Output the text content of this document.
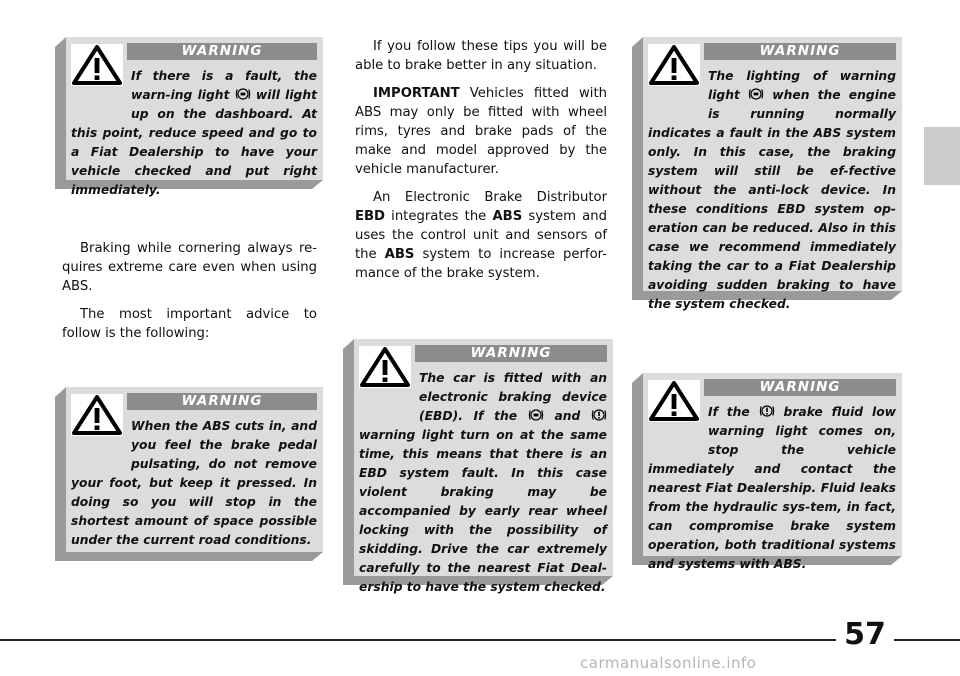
WARNING
If there is a fault, the warn-ing light  will light up on the dashboard. At this point, reduce speed and go to a Fiat Dealership to have your vehicle checked and put right immediately.

Braking while cornering always re-quires extreme care even when using ABS.

The most important advice to follow is the following:

WARNING
When the ABS cuts in, and you feel the brake pedal pulsating, do not remove your foot, but keep it pressed. In doing so you will stop in the shortest amount of space possible under the current road conditions.

If you follow these tips you will be able to brake better in any situation.

IMPORTANT Vehicles fitted with ABS may only be fitted with wheel rims, tyres and brake pads of the make and model approved by the vehicle manufacturer.

An Electronic Brake Distributor EBD integrates the ABS system and uses the control unit and sensors of the ABS system to increase perfor-mance of the brake system.

WARNING
The car is fitted with an electronic braking device (EBD). If the  and  warning light turn on at the same time, this means that there is an EBD system fault. In this case violent braking may be accompanied by early rear wheel locking with the possibility of skidding. Drive the car extremely carefully to the nearest Fiat Deal-ership to have the system checked.
WARNING
The lighting of warning light  when the engine is running normally indicates a fault in the ABS system only. In this case, the braking system will still be ef-fective without the anti-lock device. In these conditions EBD system op-eration can be reduced. Also in this case we recommend immediately taking the car to a Fiat Dealership avoiding sudden braking to have the system checked.
WARNING
If the  brake fluid low warning light comes on, stop the vehicle immediately and contact the nearest Fiat Dealership. Fluid leaks from the hydraulic sys-tem, in fact, can compromise brake system operation, both traditional systems and systems with ABS.
57
carmanualsonline.info
